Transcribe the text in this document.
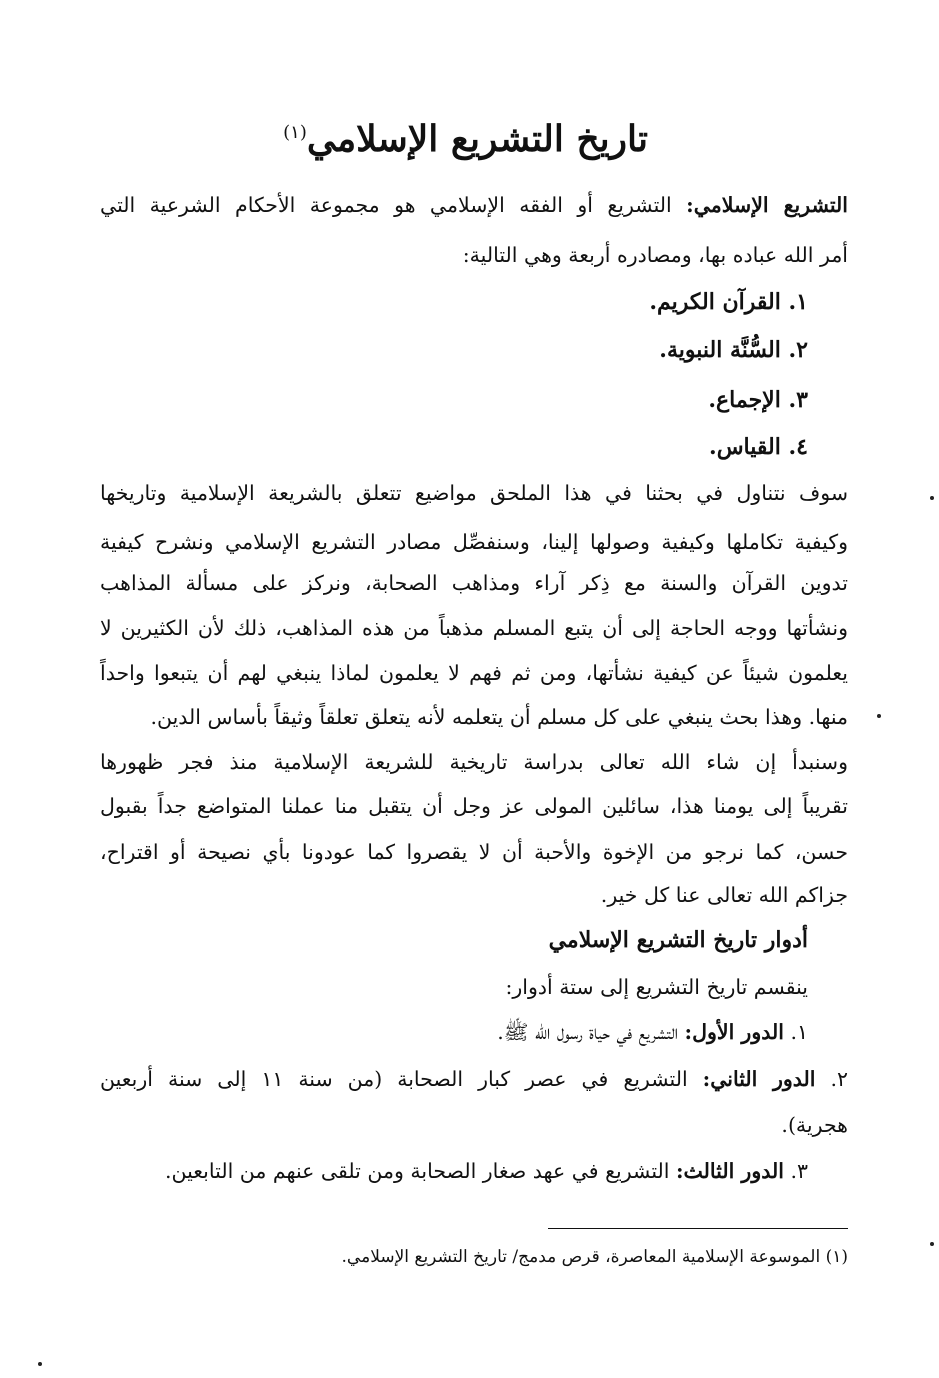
تاريخ التشريع الإسلامي$^{(١)}$

التشريع الإسلامي: التشريع أو الفقه الإسلامي هو مجموعة الأحكام الشرعية التي

أمر الله عباده بها، ومصادره أربعة وهي التالية:

١. القرآن الكريم.

٢. السُّنَّة النبوية.

٣. الإجماع.

٤. القياس.

سوف نتناول في بحثنا في هذا الملحق مواضيع تتعلق بالشريعة الإسلامية وتاريخها

وكيفية تكاملها وكيفية وصولها إلينا، وسنفصِّل مصادر التشريع الإسلامي ونشرح كيفية

تدوين القرآن والسنة مع ذِكر آراء ومذاهب الصحابة، ونركز على مسألة المذاهب

ونشأتها ووجه الحاجة إلى أن يتبع المسلم مذهباً من هذه المذاهب، ذلك لأن الكثيرين لا

يعلمون شيئاً عن كيفية نشأتها، ومن ثم فهم لا يعلمون لماذا ينبغي لهم أن يتبعوا واحداً

منها. وهذا بحث ينبغي على كل مسلم أن يتعلمه لأنه يتعلق تعلقاً وثيقاً بأساس الدين.

وسنبدأ إن شاء الله تعالى بدراسة تاريخية للشريعة الإسلامية منذ فجر ظهورها

تقريباً إلى يومنا هذا، سائلين المولى عز وجل أن يتقبل منا عملنا المتواضع جداً بقبول

حسن، كما نرجو من الإخوة والأحبة أن لا يقصروا كما عودونا بأي نصيحة أو اقتراح،

جزاكم الله تعالى عنا كل خير.

أدوار تاريخ التشريع الإسلامي

ينقسم تاريخ التشريع إلى ستة أدوار:

١. الدور الأول: التشريع في حياة رسول الله ﷺ.

٢. الدور الثاني: التشريع في عصر كبار الصحابة (من سنة ١١ إلى سنة أربعين

هجرية).

٣. الدور الثالث: التشريع في عهد صغار الصحابة ومن تلقى عنهم من التابعين.

(١) الموسوعة الإسلامية المعاصرة، قرص مدمج/ تاريخ التشريع الإسلامي.
